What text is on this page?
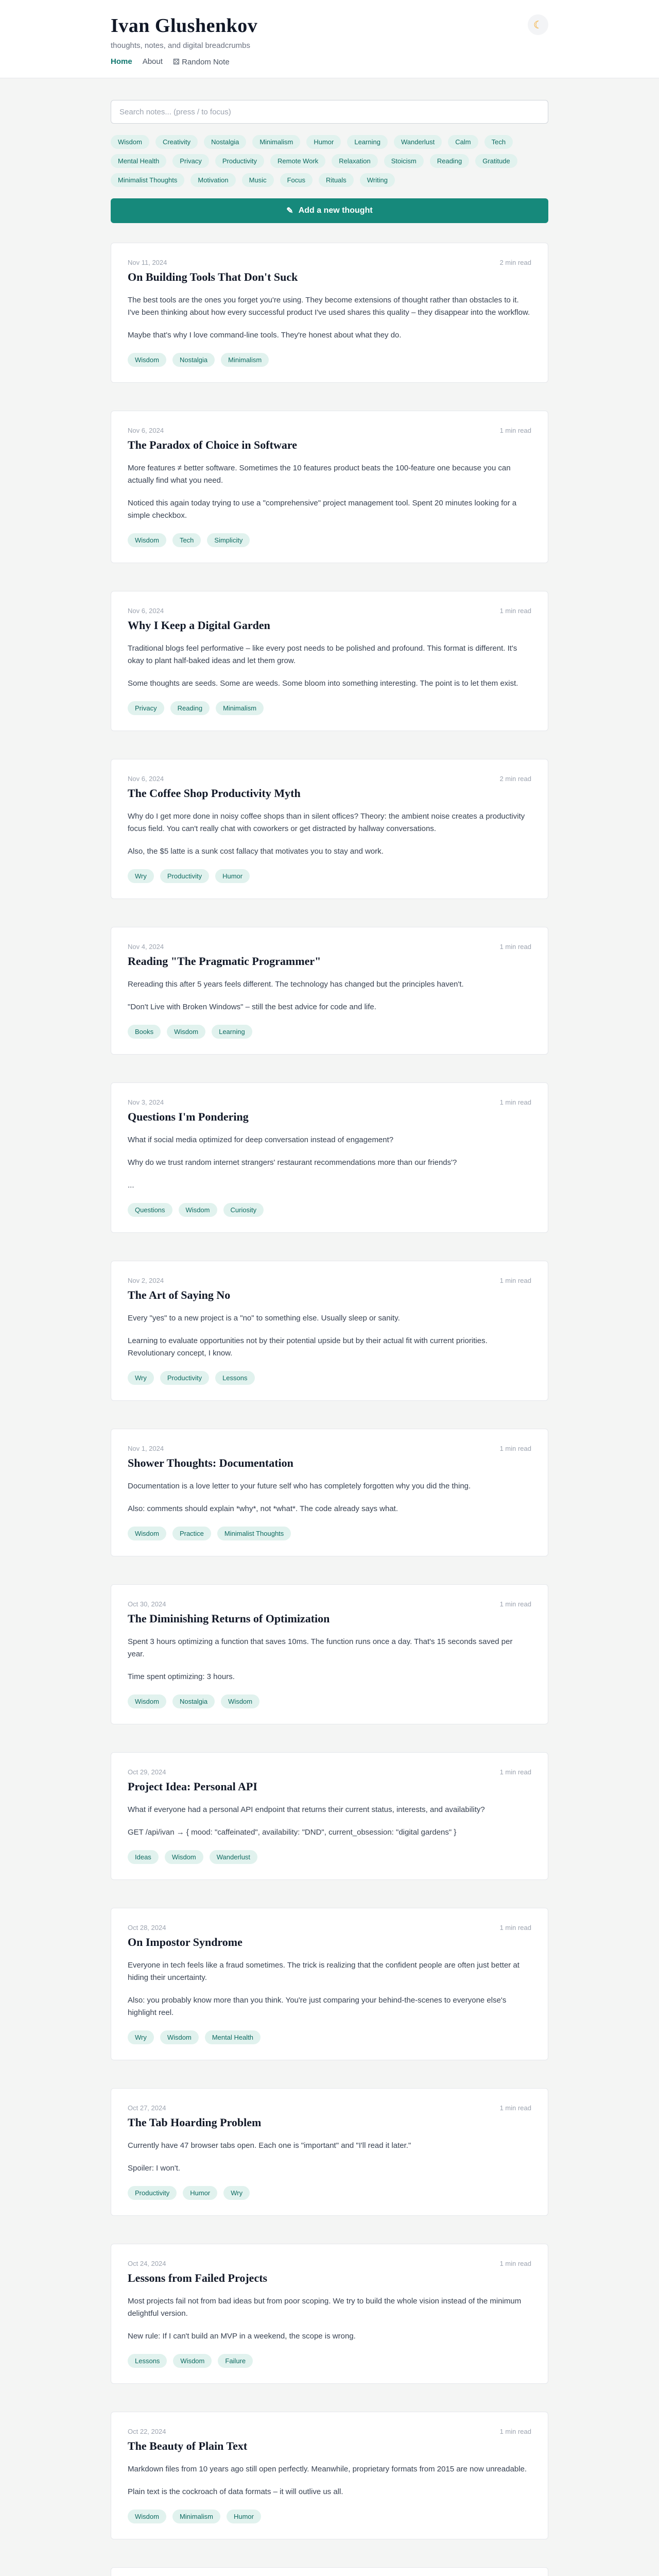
Ivan Glushenkov
thoughts, notes, and digital breadcrumbs
Home About ⚄ Random Note
☾
Search notes... (press / to focus)
Wisdom	Creativity	Nostalgia	Minimalism	Humor	Learning	Wanderlust	Calm	Tech
Mental Health	Privacy	Productivity	Remote Work	Relaxation	Stoicism	Reading	Gratitude
Minimalist Thoughts	Motivation	Music	Focus	Rituals	Writing
✎ Add a new thought
Nov 11, 2024	2 min read
On Building Tools That Don't Suck

The best tools are the ones you forget you're using. They become extensions of thought rather than obstacles to it. I've been thinking about how every successful product I've used shares this quality – they disappear into the workflow.

Maybe that's why I love command-line tools. They're honest about what they do.

Wisdom	Nostalgia	Minimalism
Nov 6, 2024	1 min read
The Paradox of Choice in Software

More features ≠ better software. Sometimes the 10 features product beats the 100-feature one because you can actually find what you need.

Noticed this again today trying to use a "comprehensive" project management tool. Spent 20 minutes looking for a simple checkbox.

Wisdom	Tech	Simplicity
Nov 6, 2024	1 min read
Why I Keep a Digital Garden

Traditional blogs feel performative – like every post needs to be polished and profound. This format is different. It's okay to plant half-baked ideas and let them grow.

Some thoughts are seeds. Some are weeds. Some bloom into something interesting. The point is to let them exist.

Privacy	Reading	Minimalism
Nov 6, 2024	2 min read
The Coffee Shop Productivity Myth

Why do I get more done in noisy coffee shops than in silent offices? Theory: the ambient noise creates a productivity focus field. You can't really chat with coworkers or get distracted by hallway conversations.

Also, the $5 latte is a sunk cost fallacy that motivates you to stay and work.

Wry	Productivity	Humor
Nov 4, 2024	1 min read
Reading "The Pragmatic Programmer"

Rereading this after 5 years feels different. The technology has changed but the principles haven't.

"Don't Live with Broken Windows" – still the best advice for code and life.

Books	Wisdom	Learning
Nov 3, 2024	1 min read
Questions I'm Pondering

What if social media optimized for deep conversation instead of engagement?

Why do we trust random internet strangers' restaurant recommendations more than our friends'?

...

Questions	Wisdom	Curiosity
Nov 2, 2024	1 min read
The Art of Saying No

Every "yes" to a new project is a "no" to something else. Usually sleep or sanity.

Learning to evaluate opportunities not by their potential upside but by their actual fit with current priorities. Revolutionary concept, I know.

Wry	Productivity	Lessons
Nov 1, 2024	1 min read
Shower Thoughts: Documentation

Documentation is a love letter to your future self who has completely forgotten why you did the thing.

Also: comments should explain *why*, not *what*. The code already says what.

Wisdom	Practice	Minimalist Thoughts
Oct 30, 2024	1 min read
The Diminishing Returns of Optimization

Spent 3 hours optimizing a function that saves 10ms. The function runs once a day. That's 15 seconds saved per year.

Time spent optimizing: 3 hours.

Wisdom	Nostalgia	Wisdom
Oct 29, 2024	1 min read
Project Idea: Personal API

What if everyone had a personal API endpoint that returns their current status, interests, and availability?

GET /api/ivan → { mood: "caffeinated", availability: "DND", current_obsession: "digital gardens" }

Ideas	Wisdom	Wanderlust
Oct 28, 2024	1 min read
On Impostor Syndrome

Everyone in tech feels like a fraud sometimes. The trick is realizing that the confident people are often just better at hiding their uncertainty.

Also: you probably know more than you think. You're just comparing your behind-the-scenes to everyone else's highlight reel.

Wry	Wisdom	Mental Health
Oct 27, 2024	1 min read
The Tab Hoarding Problem

Currently have 47 browser tabs open. Each one is "important" and "I'll read it later."

Spoiler: I won't.

Productivity	Humor	Wry
Oct 24, 2024	1 min read
Lessons from Failed Projects

Most projects fail not from bad ideas but from poor scoping. We try to build the whole vision instead of the minimum delightful version.

New rule: If I can't build an MVP in a weekend, the scope is wrong.

Lessons	Wisdom	Failure
Oct 22, 2024	1 min read
The Beauty of Plain Text

Markdown files from 10 years ago still open perfectly. Meanwhile, proprietary formats from 2015 are now unreadable.

Plain text is the cockroach of data formats – it will outlive us all.

Wisdom	Minimalism	Humor
